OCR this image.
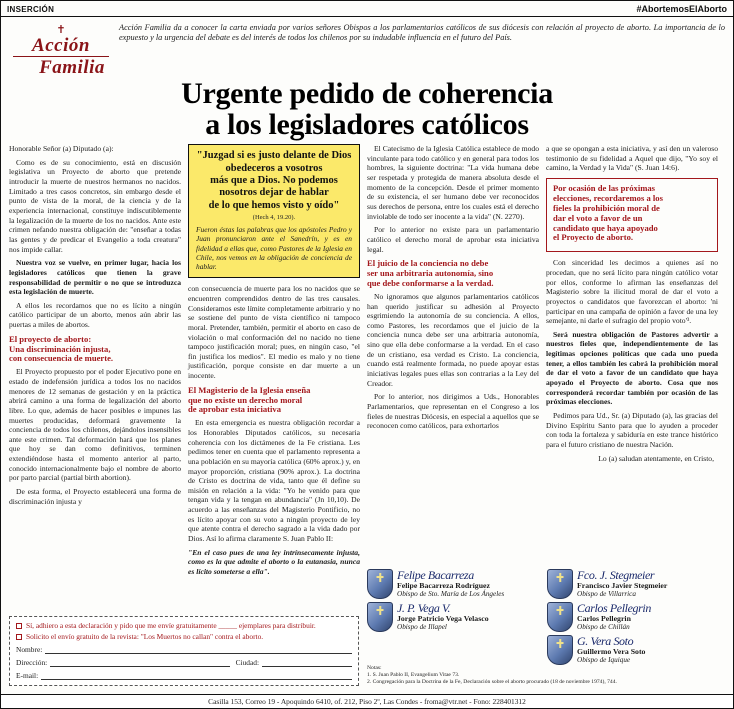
INSERCIÓN	#AbortemosElAborto
✝
Acción
Familia
Acción Familia da a conocer la carta enviada por varios señores Obispos a los parlamentarios católicos de sus diócesis con relación al proyecto de aborto. La importancia de lo expuesto y la urgencia del debate es del interés de todos los chilenos por su indudable influencia en el futuro del País.
Urgente pedido de coherencia
a los legisladores católicos

Honorable Señor (a) Diputado (a):

Como es de su conocimiento, está en discusión legislativa un Proyecto de aborto que pretende introducir la muerte de nuestros hermanos no nacidos. Limitado a tres casos concretos, sin embargo desde el punto de vista de la moral, de la ciencia y de la experiencia internacional, constituye indiscutiblemente la legalización de la muerte de los no nacidos. Ante este crimen nefando nuestra obligación de: "enseñar a todas las gentes y de predicar el Evangelio a toda creatura" nos impide callar.

Nuestra voz se vuelve, en primer lugar, hacia los legisladores católicos que tienen la grave responsabilidad de permitir o no que se introduzca esta legislación de muerte.

A ellos les recordamos que no es lícito a ningún católico participar de un aborto, menos aún abrir las puertas a miles de abortos.

El proyecto de aborto:
Una discriminación injusta,
con consecuencia de muerte.

El Proyecto propuesto por el poder Ejecutivo pone en estado de indefensión jurídica a todos los no nacidos menores de 12 semanas de gestación y en la práctica abrirá camino a una forma de legalización del aborto libre. Lo que, además de hacer posibles e impunes las muertes producidas, deformará gravemente la conciencia de todos los chilenos, dejándolos insensibles ante este crimen. Tal deformación hará que los planes que hoy se dan como definitivos, terminen extendiéndose hasta el momento anterior al parto, conocido internacionalmente bajo el nombre de aborto por parto parcial (partial birth abortion).

De esta forma, el Proyecto establecerá una forma de discriminación injusta y

"Juzgad si es justo delante de Dios obedeceros a vosotros
más que a Dios. No podemos nosotros dejar de hablar
de lo que hemos visto y oído"
(Hech 4, 19.20).
Fueron éstas las palabras que los apóstoles Pedro y Juan pronunciaron ante el Sanedrín, y es en fidelidad a ellas que, como Pastores de la Iglesia en Chile, nos vemos en la obligación de conciencia de hablar.

con consecuencia de muerte para los no nacidos que se encuentren comprendidos dentro de las tres causales. Consideramos este límite completamente arbitrario y no se sostiene del punto de vista científico ni tampoco moral. Pretender, también, permitir el aborto en caso de violación o mal conformación del no nacido no tiene tampoco justificación moral; pues, en ningún caso, "el fin justifica los medios". El medio es malo y no tiene justificación, porque consiste en dar muerte a un inocente.

El Magisterio de la Iglesia enseña
que no existe un derecho moral
de aprobar esta iniciativa

En esta emergencia es nuestra obligación recordar a los Honorables Diputados católicos, su necesaria coherencia con los dictámenes de la Fe cristiana. Les pedimos tener en cuenta que el parlamento representa a una población en su mayoría católica (60% aprox.) y, en mayor proporción, cristiana (90% aprox.). La doctrina de Cristo es doctrina de vida, tanto que él define su misión en relación a la vida: "Yo he venido para que tengan vida y la tengan en abundancia" (Jn 10,10). De acuerdo a las enseñanzas del Magisterio Pontificio, no es lícito apoyar con su voto a ningún proyecto de ley que atente contra el derecho sagrado a la vida dado por Dios. Así lo afirma claramente S. Juan Pablo II:

"En el caso pues de una ley intrínsecamente injusta, como es la que admite el aborto o la eutanasia, nunca es lícito someterse a ella".

El Catecismo de la Iglesia Católica establece de modo vinculante para todo católico y en general para todos los hombres, la siguiente doctrina: "La vida humana debe ser respetada y protegida de manera absoluta desde el momento de la concepción. Desde el primer momento de su existencia, el ser humano debe ver reconocidos sus derechos de persona, entre los cuales está el derecho inviolable de todo ser inocente a la vida" (N. 2270).

Por lo anterior no existe para un parlamentario católico el derecho moral de aprobar esta iniciativa legal.

El juicio de la conciencia no debe
ser una arbitraria autonomía, sino
que debe conformarse a la verdad.

No ignoramos que algunos parlamentarios católicos han querido justificar su adhesión al Proyecto esgrimiendo la autonomía de su conciencia. A ellos, como Pastores, les recordamos que el juicio de la conciencia nunca debe ser una arbitraria autonomía, sino que ella debe conformarse a la verdad. En el caso de un cristiano, esa verdad es Cristo. La conciencia, cuando está realmente formada, no puede apoyar estas iniciativas legales pues ellas son contrarias a la Ley del Creador.

Por lo anterior, nos dirigimos a Uds., Honorables Parlamentarios, que representan en el Congreso a los fieles de nuestras Diócesis, en especial a aquellos que se reconocen como católicos, para exhortarlos

a que se opongan a esta iniciativa, y así den un valeroso testimonio de su fidelidad a Aquel que dijo, "Yo soy el camino, la Verdad y la Vida" (S. Juan 14:6).

Por ocasión de las próximas
elecciones, recordaremos a los
fieles la prohibición moral de
dar el voto a favor de un
candidato que haya apoyado
el Proyecto de aborto.

Con sinceridad les decimos a quienes así no procedan, que no será lícito para ningún católico votar por ellos, conforme lo afirman las enseñanzas del Magisterio sobre la ilicitud moral de dar el voto a proyectos o candidatos que favorezcan el aborto: 'ni participar en una campaña de opinión a favor de una ley semejante, ni darle el sufragio del propio voto'³.

Será nuestra obligación de Pastores advertir a nuestros fieles que, independientemente de las legítimas opciones políticas que cada uno pueda tener, a ellos también les cabrá la prohibición moral de dar el voto a favor de un candidato que haya apoyado el Proyecto de aborto. Cosa que nos corresponderá recordar también por ocasión de las próximas elecciones.

Pedimos para Ud., Sr. (a) Diputado (a), las gracias del Divino Espíritu Santo para que lo ayuden a proceder con toda la fortaleza y sabiduría en este trance histórico para el futuro cristiano de nuestra Nación.

Lo (a) saludan atentamente, en Cristo,
Felipe Bacarreza
Felipe Bacarreza Rodríguez
Obispo de Sto. María de Los Ángeles
Fco. J. Stegmeier
Francisco Javier Stegmeier
Obispo de Villarrica
J. P. Vega V.
Jorge Patricio Vega Velasco
Obispo de Illapel
Carlos Pellegrin
Carlos Pellegrin
Obispo de Chillán
G. Vera Soto
Guillermo Vera Soto
Obispo de Iquique
Notas:
1. S. Juan Pablo II, Evangelium Vitae 73.
2. Congregación para la Doctrina de la Fe, Declaración sobre el aborto procurado (18 de noviembre 1974), 744.
Sí, adhiero a esta declaración y pido que me envíe gratuitamente _____ ejemplares para distribuir.
Solicito el envío gratuito de la revista: "Los Muertos no callan" contra el aborto.
Nombre:
Dirección:	Ciudad:
E-mail:
Casilla 153, Correo 19 - Apoquindo 6410, of. 212, Piso 2º, Las Condes - froma@vtr.net - Fono: 228401312
